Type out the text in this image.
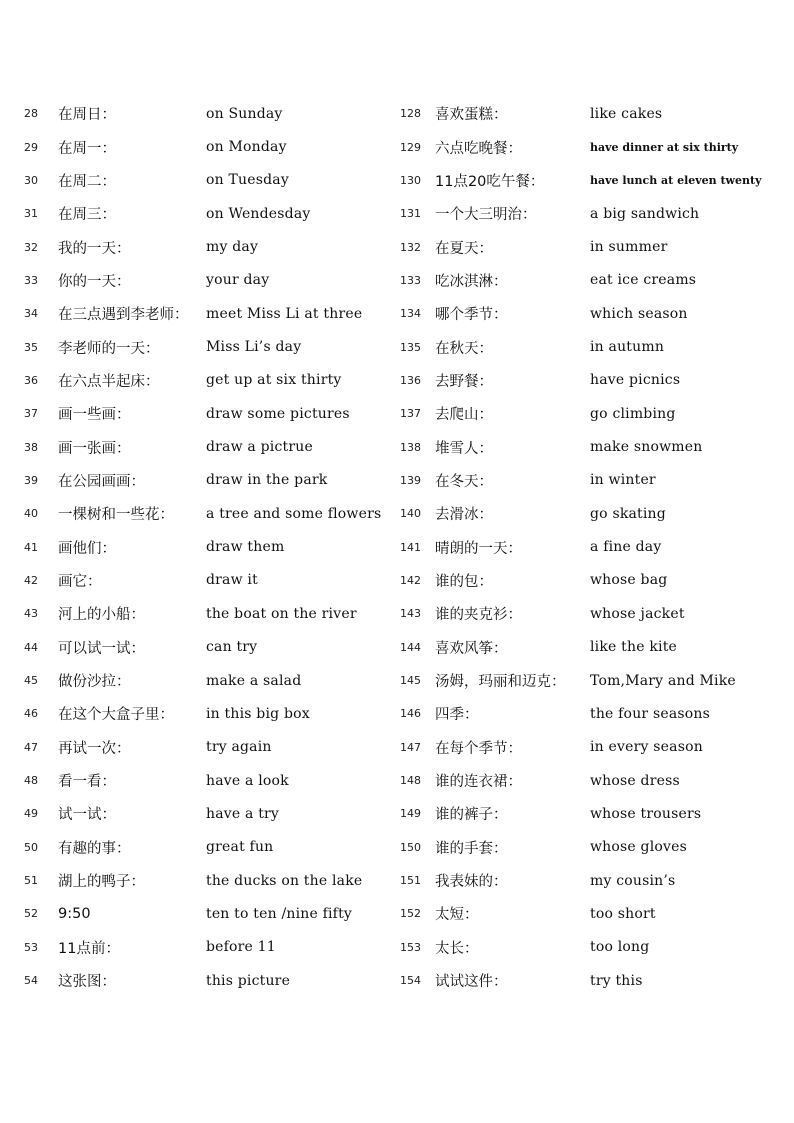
28	在周日：	on Sunday
29	在周一：	on Monday
30	在周二：	on Tuesday
31	在周三：	on Wendesday
32	我的一天：	my day
33	你的一天：	your day
34	在三点遇到李老师：	meet Miss Li at three
35	李老师的一天：	Miss Li’s day
36	在六点半起床：	get up at six thirty
37	画一些画：	draw some pictures
38	画一张画：	draw a pictrue
39	在公园画画：	draw in the park
40	一棵树和一些花：	a tree and some flowers
41	画他们：	draw them
42	画它：	draw it
43	河上的小船：	the boat on the river
44	可以试一试：	can try
45	做份沙拉：	make a salad
46	在这个大盒子里：	in this big box
47	再试一次：	try again
48	看一看：	have a look
49	试一试：	have a try
50	有趣的事：	great fun
51	湖上的鸭子：	the ducks on the lake
52	9:50	ten to ten /nine fifty
53	11点前：	before 11
54	这张图：	this picture
128 喜欢蛋糕：	like cakes
129 六点吃晚餐：	have dinner at six thirty
130 11点20吃午餐：	have lunch at eleven twenty
131 一个大三明治：	a big sandwich
132 在夏天：	in summer
133 吃冰淇淋：	eat ice creams
134 哪个季节：	which season
135 在秋天：	in autumn
136 去野餐：	have picnics
137 去爬山：	go climbing
138 堆雪人：	make snowmen
139 在冬天：	in winter
140 去滑冰：	go skating
141 晴朗的一天：	a fine day
142 谁的包：	whose bag
143 谁的夹克衫：	whose jacket
144 喜欢风筝：	like the kite
145 汤姆，玛丽和迈克：	Tom,Mary and Mike
146 四季：	the four seasons
147 在每个季节：	in every season
148 谁的连衣裙：	whose dress
149 谁的裤子：	whose trousers
150 谁的手套：	whose gloves
151 我表妹的：	my cousin’s
152 太短：	too short
153 太长：	too long
154 试试这件：	try this
